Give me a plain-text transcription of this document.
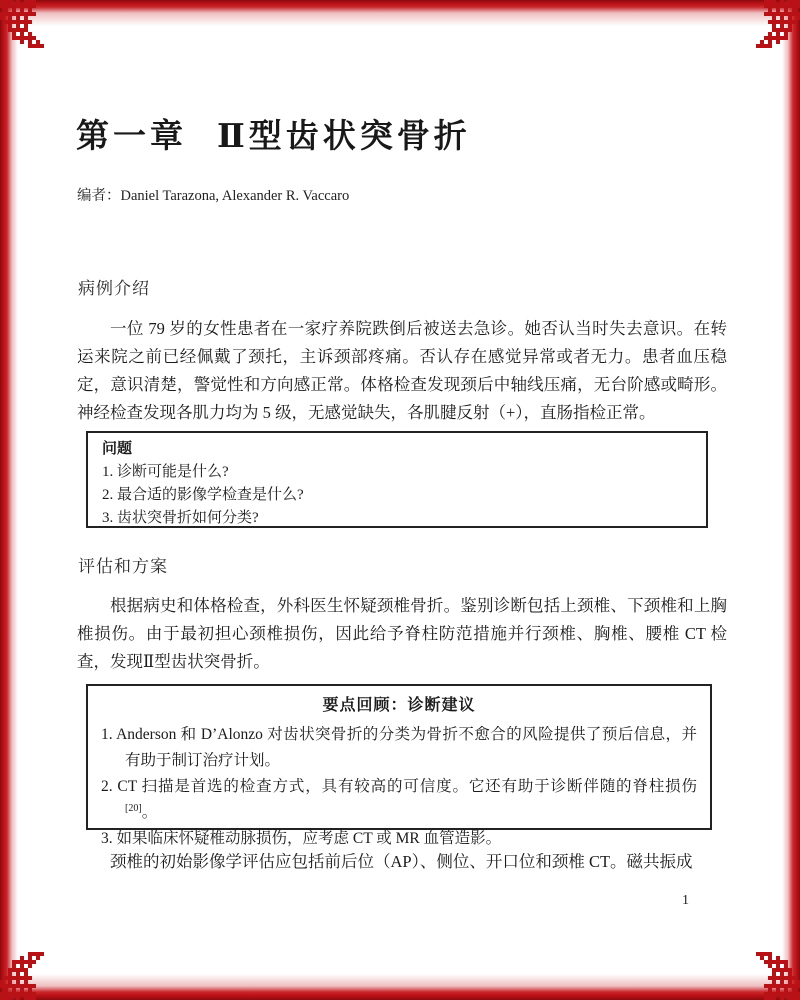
第一章 Ⅱ型齿状突骨折
编者：Daniel Tarazona, Alexander R. Vaccaro
病例介绍
一位 79 岁的女性患者在一家疗养院跌倒后被送去急诊。她否认当时失去意识。在转运来院之前已经佩戴了颈托，主诉颈部疼痛。否认存在感觉异常或者无力。患者血压稳定，意识清楚，警觉性和方向感正常。体格检查发现颈后中轴线压痛，无台阶感或畸形。神经检查发现各肌力均为 5 级，无感觉缺失，各肌腱反射（+），直肠指检正常。
问题
1. 诊断可能是什么?
2. 最合适的影像学检查是什么?
3. 齿状突骨折如何分类?
评估和方案
根据病史和体格检查，外科医生怀疑颈椎骨折。鉴别诊断包括上颈椎、下颈椎和上胸椎损伤。由于最初担心颈椎损伤，因此给予脊柱防范措施并行颈椎、胸椎、腰椎 CT 检查，发现Ⅱ型齿状突骨折。
要点回顾：诊断建议
1. Anderson 和 D’Alonzo 对齿状突骨折的分类为骨折不愈合的风险提供了预后信息，并有助于制订治疗计划。
2. CT 扫描是首选的检查方式，具有较高的可信度。它还有助于诊断伴随的脊柱损伤[20]。
3. 如果临床怀疑椎动脉损伤，应考虑 CT 或 MR 血管造影。
颈椎的初始影像学评估应包括前后位（AP）、侧位、开口位和颈椎 CT。磁共振成
1
